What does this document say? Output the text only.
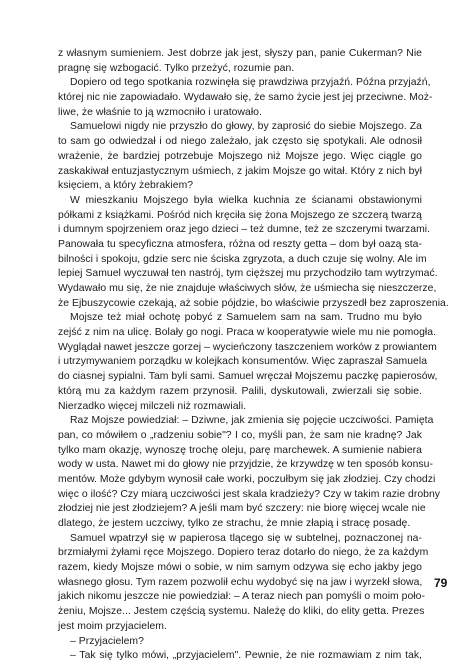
z własnym sumieniem. Jest dobrze jak jest, słyszy pan, panie Cukerman? Nie
pragnę się wzbogacić. Tylko przeżyć, rozumie pan.
Dopiero od tego spotkania rozwinęła się prawdziwa przyjaźń. Późna przyjaźń,
której nic nie zapowiadało. Wydawało się, że samo życie jest jej przeciwne. Moż-
liwe, że właśnie to ją wzmocniło i uratowało.
Samuelowi nigdy nie przyszło do głowy, by zaprosić do siebie Mojszego. Za
to sam go odwiedzał i od niego zależało, jak często się spotykali. Ale odnosił
wrażenie, że bardziej potrzebuje Mojszego niż Mojsze jego. Więc ciągle go
zaskakiwał entuzjastycznym uśmiech, z jakim Mojsze go witał. Który z nich był
księciem, a który żebrakiem?
W mieszkaniu Mojszego była wielka kuchnia ze ścianami obstawionymi
półkami z książkami. Pośród nich kręciła się żona Mojszego ze szczerą twarzą
i dumnym spojrzeniem oraz jego dzieci – też dumne, też ze szczerymi twarzami.
Panowała tu specyficzna atmosfera, różna od reszty getta – dom był oazą sta-
bilności i spokoju, gdzie serc nie ściska zgryzota, a duch czuje się wolny. Ale im
lepiej Samuel wyczuwał ten nastrój, tym cięższej mu przychodziło tam wytrzymać.
Wydawało mu się, że nie znajduje właściwych słów, że uśmiecha się nieszczerze,
że Ejbuszycowie czekają, aż sobie pójdzie, bo właściwie przyszedł bez zaproszenia.
Mojsze też miał ochotę pobyć z Samuelem sam na sam. Trudno mu było
zejść z nim na ulicę. Bolały go nogi. Praca w kooperatywie wiele mu nie pomogła.
Wyglądał nawet jeszcze gorzej – wycieńczony taszczeniem worków z prowiantem
i utrzymywaniem porządku w kolejkach konsumentów. Więc zapraszał Samuela
do ciasnej sypialni. Tam byli sami. Samuel wręczał Mojszemu paczkę papierosów,
którą mu za każdym razem przynosił. Palili, dyskutowali, zwierzali się sobie.
Nierzadko więcej milczeli niż rozmawiali.
Raz Mojsze powiedział: – Dziwne, jak zmienia się pojęcie uczciwości. Pamięta
pan, co mówiłem o „radzeniu sobie"? I co, myśli pan, że sam nie kradnę? Jak
tylko mam okazję, wynoszę trochę oleju, parę marchewek. A sumienie nabiera
wody w usta. Nawet mi do głowy nie przyjdzie, że krzywdzę w ten sposób konsu-
mentów. Może gdybym wynosił całe worki, poczułbym się jak złodziej. Czy chodzi
więc o ilość? Czy miarą uczciwości jest skala kradzieży? Czy w takim razie drobny
złodziej nie jest złodziejem? A jeśli mam być szczery: nie biorę więcej wcale nie
dlatego, że jestem uczciwy, tylko ze strachu, że mnie złapią i stracę posadę.
Samuel wpatrzył się w papierosa tlącego się w subtelnej, poznaczonej na-
brzmiałymi żyłami ręce Mojszego. Dopiero teraz dotarło do niego, że za każdym
razem, kiedy Mojsze mówi o sobie, w nim samym odzywa się echo jakby jego
własnego głosu. Tym razem pozwolił echu wydobyć się na jaw i wyrzekł słowa,
jakich nikomu jeszcze nie powiedział: – A teraz niech pan pomyśli o moim poło-
żeniu, Mojsze... Jestem częścią systemu. Należę do kliki, do elity getta. Prezes
jest moim przyjacielem.
– Przyjacielem?
– Tak się tylko mówi, „przyjacielem". Pewnie, że nie rozmawiam z nim tak,
79
